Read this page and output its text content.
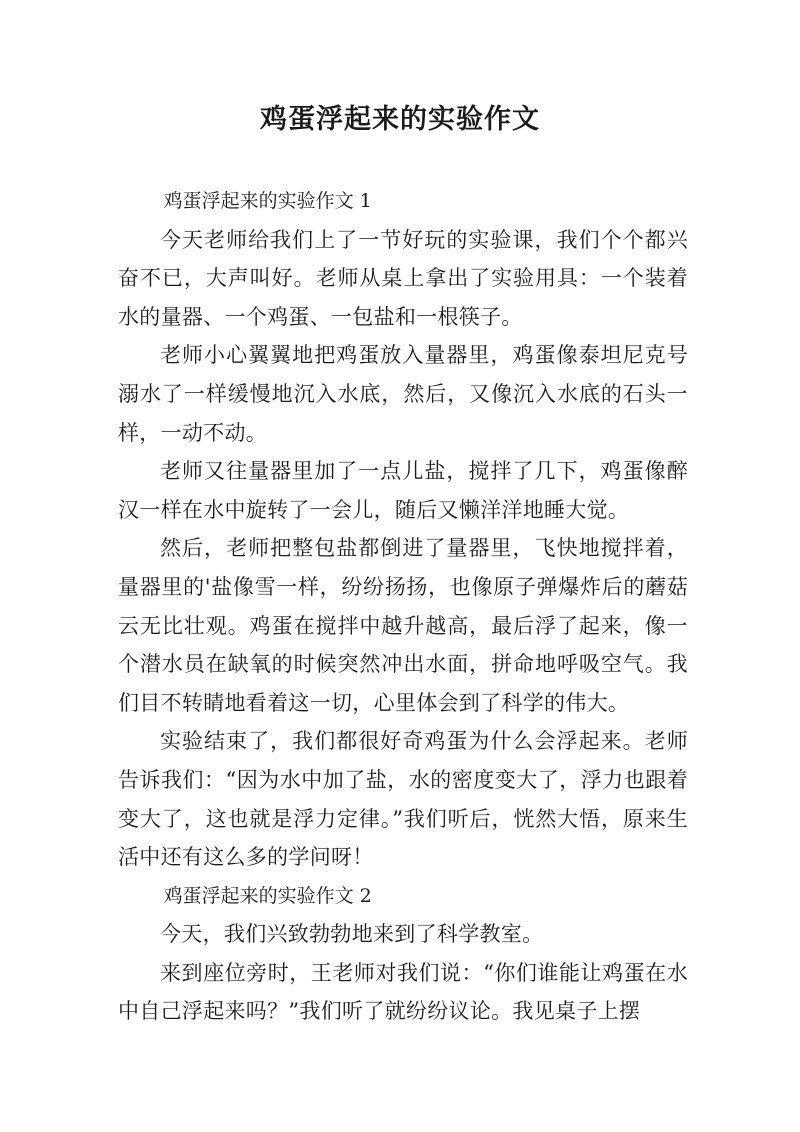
鸡蛋浮起来的实验作文

鸡蛋浮起来的实验作文 1

今天老师给我们上了一节好玩的实验课，我们个个都兴奋不已，大声叫好。老师从桌上拿出了实验用具：一个装着水的量器、一个鸡蛋、一包盐和一根筷子。

老师小心翼翼地把鸡蛋放入量器里，鸡蛋像泰坦尼克号溺水了一样缓慢地沉入水底，然后，又像沉入水底的石头一样，一动不动。

老师又往量器里加了一点儿盐，搅拌了几下，鸡蛋像醉汉一样在水中旋转了一会儿，随后又懒洋洋地睡大觉。

然后，老师把整包盐都倒进了量器里，飞快地搅拌着，量器里的'盐像雪一样，纷纷扬扬，也像原子弹爆炸后的蘑菇云无比壮观。鸡蛋在搅拌中越升越高，最后浮了起来，像一个潜水员在缺氧的时候突然冲出水面，拼命地呼吸空气。我们目不转睛地看着这一切，心里体会到了科学的伟大。

实验结束了，我们都很好奇鸡蛋为什么会浮起来。老师告诉我们：“因为水中加了盐，水的密度变大了，浮力也跟着变大了，这也就是浮力定律。”我们听后，恍然大悟，原来生活中还有这么多的学问呀！

鸡蛋浮起来的实验作文 2

今天，我们兴致勃勃地来到了科学教室。

来到座位旁时，王老师对我们说：“你们谁能让鸡蛋在水中自己浮起来吗？”我们听了就纷纷议论。我见桌子上摆
